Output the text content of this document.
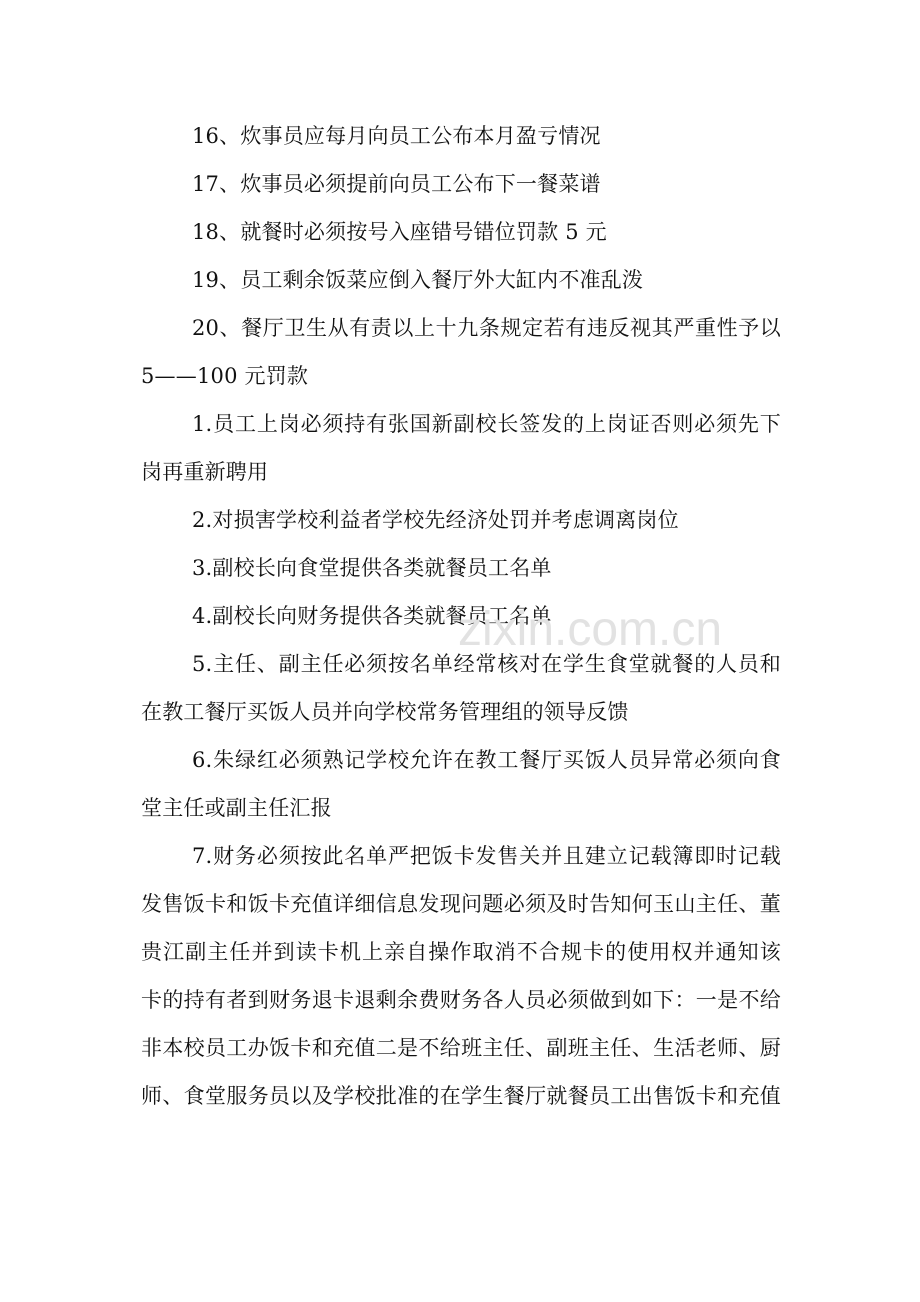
16、炊事员应每月向员工公布本月盈亏情况
17、炊事员必须提前向员工公布下一餐菜谱
18、就餐时必须按号入座错号错位罚款 5 元
19、员工剩余饭菜应倒入餐厅外大缸内不准乱泼
20、餐厅卫生从有责以上十九条规定若有违反视其严重性予以
5——100 元罚款
1.员工上岗必须持有张国新副校长签发的上岗证否则必须先下
岗再重新聘用
2.对损害学校利益者学校先经济处罚并考虑调离岗位
3.副校长向食堂提供各类就餐员工名单
4.副校长向财务提供各类就餐员工名单
5.主任、副主任必须按名单经常核对在学生食堂就餐的人员和
在教工餐厅买饭人员并向学校常务管理组的领导反馈
6.朱绿红必须熟记学校允许在教工餐厅买饭人员异常必须向食
堂主任或副主任汇报
7.财务必须按此名单严把饭卡发售关并且建立记载簿即时记载
发售饭卡和饭卡充值详细信息发现问题必须及时告知何玉山主任、董
贵江副主任并到读卡机上亲自操作取消不合规卡的使用权并通知该
卡的持有者到财务退卡退剩余费财务各人员必须做到如下：一是不给
非本校员工办饭卡和充值二是不给班主任、副班主任、生活老师、厨
师、食堂服务员以及学校批准的在学生餐厅就餐员工出售饭卡和充值
zixin.com.cn
